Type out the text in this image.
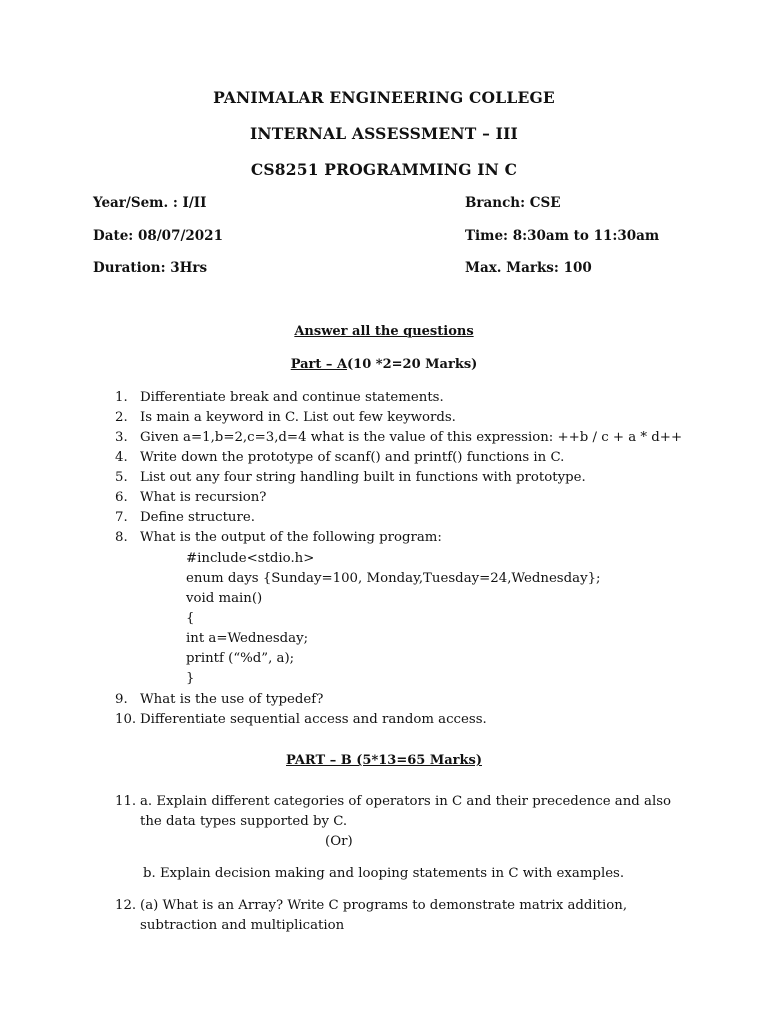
PANIMALAR ENGINEERING COLLEGE
INTERNAL ASSESSMENT – III
CS8251 PROGRAMMING IN C
Year/Sem. : I/II	Branch: CSE
Date: 08/07/2021	Time: 8:30am to 11:30am
Duration: 3Hrs	Max. Marks: 100
Answer all the questions
Part – A(10 *2=20 Marks)
1. Differentiate break and continue statements.
2. Is main a keyword in C. List out few keywords.
3. Given a=1,b=2,c=3,d=4 what is the value of this expression: ++b / c + a * d++
4. Write down the prototype of scanf() and printf() functions in C.
5. List out any four string handling built in functions with prototype.
6. What is recursion?
7. Define structure.
8. What is the output of the following program:
#include<stdio.h>
enum days {Sunday=100, Monday,Tuesday=24,Wednesday};
void main()
{
int a=Wednesday;
printf (“%d”, a);
}
9. What is the use of typedef?
10. Differentiate sequential access and random access.
PART – B (5*13=65 Marks)
11. a. Explain different categories of operators in C and their precedence and also
the data types supported by C.
(Or)
b. Explain decision making and looping statements in C with examples.
12. (a) What is an Array? Write C programs to demonstrate matrix addition,
subtraction and multiplication
